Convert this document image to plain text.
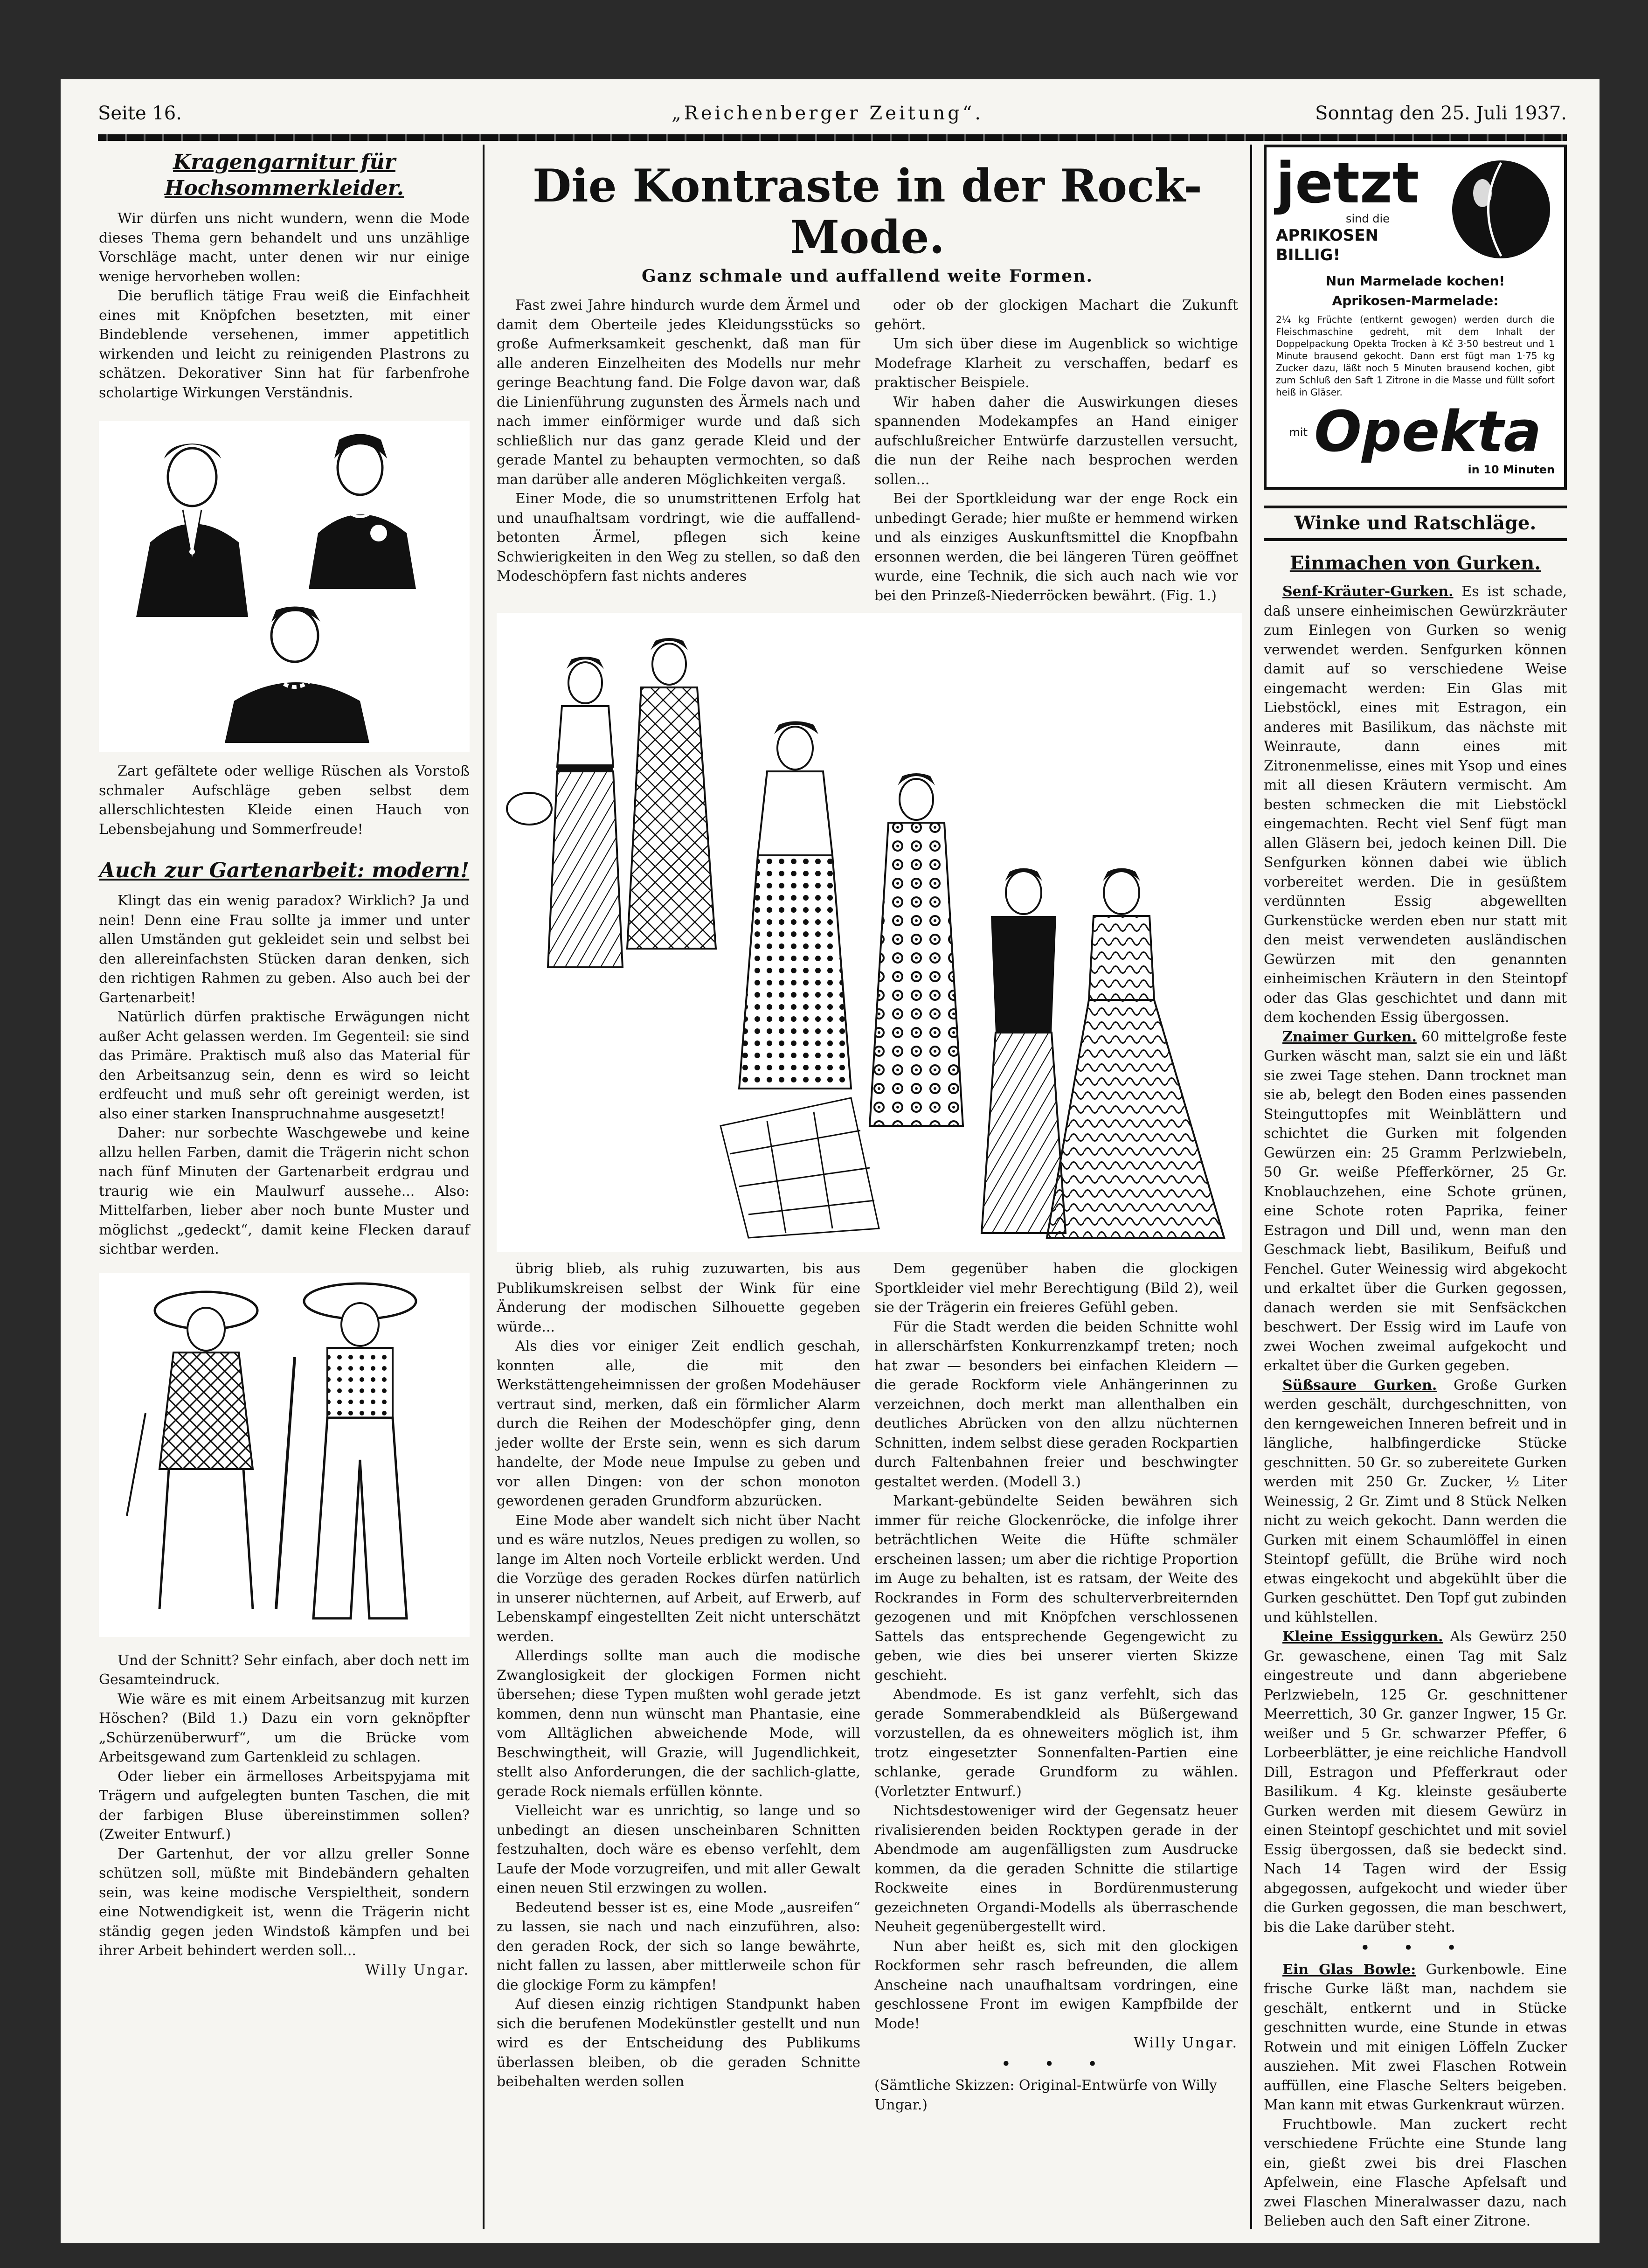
Seite 16.	„Reichenberger Zeitung“.	Sonntag den 25. Juli 1937.
Kragengarnitur für Hochsommerkleider.

Wir dürfen uns nicht wundern, wenn die Mode dieses Thema gern behandelt und uns unzählige Vorschläge macht, unter denen wir nur einige wenige hervorheben wollen:

Die beruflich tätige Frau weiß die Einfachheit eines mit Knöpfchen besetzten, mit einer Bindeblende versehenen, immer appetitlich wirkenden und leicht zu reinigenden Plastrons zu schätzen. Dekorativer Sinn hat für farbenfrohe scholartige Wirkungen Verständnis.

Zart gefältete oder wellige Rüschen als Vorstoß schmaler Aufschläge geben selbst dem allerschlichtesten Kleide einen Hauch von Lebensbejahung und Sommerfreude!

Auch zur Gartenarbeit: modern!

Klingt das ein wenig paradox? Wirklich? Ja und nein! Denn eine Frau sollte ja immer und unter allen Umständen gut gekleidet sein und selbst bei den allereinfachsten Stücken daran denken, sich den richtigen Rahmen zu geben. Also auch bei der Gartenarbeit!

Natürlich dürfen praktische Erwägungen nicht außer Acht gelassen werden. Im Gegenteil: sie sind das Primäre. Praktisch muß also das Material für den Arbeitsanzug sein, denn es wird so leicht erdfeucht und muß sehr oft gereinigt werden, ist also einer starken Inanspruchnahme ausgesetzt!

Daher: nur sorbechte Waschgewebe und keine allzu hellen Farben, damit die Trägerin nicht schon nach fünf Minuten der Gartenarbeit erdgrau und traurig wie ein Maulwurf aussehe... Also: Mittelfarben, lieber aber noch bunte Muster und möglichst „gedeckt“, damit keine Flecken darauf sichtbar werden.

Und der Schnitt? Sehr einfach, aber doch nett im Gesamteindruck.

Wie wäre es mit einem Arbeitsanzug mit kurzen Höschen? (Bild 1.) Dazu ein vorn geknöpfter „Schürzenüberwurf“, um die Brücke vom Arbeitsgewand zum Gartenkleid zu schlagen.

Oder lieber ein ärmelloses Arbeitspyjama mit Trägern und aufgelegten bunten Taschen, die mit der farbigen Bluse übereinstimmen sollen? (Zweiter Entwurf.)

Der Gartenhut, der vor allzu greller Sonne schützen soll, müßte mit Bindebändern gehalten sein, was keine modische Verspieltheit, sondern eine Notwendigkeit ist, wenn die Trägerin nicht ständig gegen jeden Windstoß kämpfen und bei ihrer Arbeit behindert werden soll...

Willy Ungar.
Die Kontraste in der Rock-Mode.
Ganz schmale und auffallend weite Formen.

Fast zwei Jahre hindurch wurde dem Ärmel und damit dem Oberteile jedes Kleidungsstücks so große Aufmerksamkeit geschenkt, daß man für alle anderen Einzelheiten des Modells nur mehr geringe Beachtung fand. Die Folge davon war, daß die Linienführung zugunsten des Ärmels nach und nach immer einförmiger wurde und daß sich schließlich nur das ganz gerade Kleid und der gerade Mantel zu behaupten vermochten, so daß man darüber alle anderen Möglichkeiten vergaß.

Einer Mode, die so unumstrittenen Erfolg hat und unaufhaltsam vordringt, wie die auffallend-betonten Ärmel, pflegen sich keine Schwierigkeiten in den Weg zu stellen, so daß den Modeschöpfern fast nichts anderes

oder ob der glockigen Machart die Zukunft gehört.

Um sich über diese im Augenblick so wichtige Modefrage Klarheit zu verschaffen, bedarf es praktischer Beispiele.

Wir haben daher die Auswirkungen dieses spannenden Modekampfes an Hand einiger aufschlußreicher Entwürfe darzustellen versucht, die nun der Reihe nach besprochen werden sollen...

Bei der Sportkleidung war der enge Rock ein unbedingt Gerade; hier mußte er hemmend wirken und als einziges Auskunftsmittel die Knopfbahn ersonnen werden, die bei längeren Türen geöffnet wurde, eine Technik, die sich auch nach wie vor bei den Prinzeß-Niederröcken bewährt. (Fig. 1.)

übrig blieb, als ruhig zuzuwarten, bis aus Publikumskreisen selbst der Wink für eine Änderung der modischen Silhouette gegeben würde...

Als dies vor einiger Zeit endlich geschah, konnten alle, die mit den Werkstättengeheimnissen der großen Modehäuser vertraut sind, merken, daß ein förmlicher Alarm durch die Reihen der Modeschöpfer ging, denn jeder wollte der Erste sein, wenn es sich darum handelte, der Mode neue Impulse zu geben und vor allen Dingen: von der schon monoton gewordenen geraden Grundform abzurücken.

Eine Mode aber wandelt sich nicht über Nacht und es wäre nutzlos, Neues predigen zu wollen, so lange im Alten noch Vorteile erblickt werden. Und die Vorzüge des geraden Rockes dürfen natürlich in unserer nüchternen, auf Arbeit, auf Erwerb, auf Lebenskampf eingestellten Zeit nicht unterschätzt werden.

Allerdings sollte man auch die modische Zwanglosigkeit der glockigen Formen nicht übersehen; diese Typen mußten wohl gerade jetzt kommen, denn nun wünscht man Phantasie, eine vom Alltäglichen abweichende Mode, will Beschwingtheit, will Grazie, will Jugendlichkeit, stellt also Anforderungen, die der sachlich-glatte, gerade Rock niemals erfüllen könnte.

Vielleicht war es unrichtig, so lange und so unbedingt an diesen unscheinbaren Schnitten festzuhalten, doch wäre es ebenso verfehlt, dem Laufe der Mode vorzugreifen, und mit aller Gewalt einen neuen Stil erzwingen zu wollen.

Bedeutend besser ist es, eine Mode „ausreifen“ zu lassen, sie nach und nach einzuführen, also: den geraden Rock, der sich so lange bewährte, nicht fallen zu lassen, aber mittlerweile schon für die glockige Form zu kämpfen!

Auf diesen einzig richtigen Standpunkt haben sich die berufenen Modekünstler gestellt und nun wird es der Entscheidung des Publikums überlassen bleiben, ob die geraden Schnitte beibehalten werden sollen

Dem gegenüber haben die glockigen Sportkleider viel mehr Berechtigung (Bild 2), weil sie der Trägerin ein freieres Gefühl geben.

Für die Stadt werden die beiden Schnitte wohl in allerschärfsten Konkurrenzkampf treten; noch hat zwar — besonders bei einfachen Kleidern — die gerade Rockform viele Anhängerinnen zu verzeichnen, doch merkt man allenthalben ein deutliches Abrücken von den allzu nüchternen Schnitten, indem selbst diese geraden Rockpartien durch Faltenbahnen freier und beschwingter gestaltet werden. (Modell 3.)

Markant-gebündelte Seiden bewähren sich immer für reiche Glockenröcke, die infolge ihrer beträchtlichen Weite die Hüfte schmäler erscheinen lassen; um aber die richtige Proportion im Auge zu behalten, ist es ratsam, der Weite des Rockrandes in Form des schulterverbreiternden gezogenen und mit Knöpfchen verschlossenen Sattels das entsprechende Gegengewicht zu geben, wie dies bei unserer vierten Skizze geschieht.

Abendmode. Es ist ganz verfehlt, sich das gerade Sommerabendkleid als Büßergewand vorzustellen, da es ohneweiters möglich ist, ihm trotz eingesetzter Sonnenfalten-Partien eine schlanke, gerade Grundform zu wählen. (Vorletzter Entwurf.)

Nichtsdestoweniger wird der Gegensatz heuer rivalisierenden beiden Rocktypen gerade in der Abendmode am augenfälligsten zum Ausdrucke kommen, da die geraden Schnitte die stilartige Rockweite eines in Bordürenmusterung gezeichneten Organdi-Modells als überraschende Neuheit gegenübergestellt wird.

Nun aber heißt es, sich mit den glockigen Rockformen sehr rasch befreunden, die allem Anscheine nach unaufhaltsam vordringen, eine geschlossene Front im ewigen Kampfbilde der Mode!

Willy Ungar.
• • •
(Sämtliche Skizzen: Original-Entwürfe von Willy Ungar.)
jetzt
sind die
APRIKOSEN
BILLIG!
Nun Marmelade kochen!
Aprikosen-Marmelade:
2¼ kg Früchte (entkernt gewogen) werden durch die Fleischmaschine gedreht, mit dem Inhalt der Doppelpackung Opekta Trocken à Kč 3·50 bestreut und 1 Minute brausend gekocht. Dann erst fügt man 1·75 kg Zucker dazu, läßt noch 5 Minuten brausend kochen, gibt zum Schluß den Saft 1 Zitrone in die Masse und füllt sofort heiß in Gläser.
mit Opekta
in 10 Minuten
Winke und Ratschläge.
Einmachen von Gurken.

Senf-Kräuter-Gurken. Es ist schade, daß unsere einheimischen Gewürzkräuter zum Einlegen von Gurken so wenig verwendet werden. Senfgurken können damit auf so verschiedene Weise eingemacht werden: Ein Glas mit Liebstöckl, eines mit Estragon, ein anderes mit Basilikum, das nächste mit Weinraute, dann eines mit Zitronenmelisse, eines mit Ysop und eines mit all diesen Kräutern vermischt. Am besten schmecken die mit Liebstöckl eingemachten. Recht viel Senf fügt man allen Gläsern bei, jedoch keinen Dill. Die Senfgurken können dabei wie üblich vorbereitet werden. Die in gesüßtem verdünnten Essig abgewellten Gurkenstücke werden eben nur statt mit den meist verwendeten ausländischen Gewürzen mit den genannten einheimischen Kräutern in den Steintopf oder das Glas geschichtet und dann mit dem kochenden Essig übergossen.

Znaimer Gurken. 60 mittelgroße feste Gurken wäscht man, salzt sie ein und läßt sie zwei Tage stehen. Dann trocknet man sie ab, belegt den Boden eines passenden Steinguttopfes mit Weinblättern und schichtet die Gurken mit folgenden Gewürzen ein: 25 Gramm Perlzwiebeln, 50 Gr. weiße Pfefferkörner, 25 Gr. Knoblauchzehen, eine Schote grünen, eine Schote roten Paprika, feiner Estragon und Dill und, wenn man den Geschmack liebt, Basilikum, Beifuß und Fenchel. Guter Weinessig wird abgekocht und erkaltet über die Gurken gegossen, danach werden sie mit Senfsäckchen beschwert. Der Essig wird im Laufe von zwei Wochen zweimal aufgekocht und erkaltet über die Gurken gegeben.

Süßsaure Gurken. Große Gurken werden geschält, durchgeschnitten, von den kerngeweichen Inneren befreit und in längliche, halbfingerdicke Stücke geschnitten. 50 Gr. so zubereitete Gurken werden mit 250 Gr. Zucker, ½ Liter Weinessig, 2 Gr. Zimt und 8 Stück Nelken nicht zu weich gekocht. Dann werden die Gurken mit einem Schaumlöffel in einen Steintopf gefüllt, die Brühe wird noch etwas eingekocht und abgekühlt über die Gurken geschüttet. Den Topf gut zubinden und kühlstellen.

Kleine Essiggurken. Als Gewürz 250 Gr. gewaschene, einen Tag mit Salz eingestreute und dann abgeriebene Perlzwiebeln, 125 Gr. geschnittener Meerrettich, 30 Gr. ganzer Ingwer, 15 Gr. weißer und 5 Gr. schwarzer Pfeffer, 6 Lorbeerblätter, je eine reichliche Handvoll Dill, Estragon und Pfefferkraut oder Basilikum. 4 Kg. kleinste gesäuberte Gurken werden mit diesem Gewürz in einen Steintopf geschichtet und mit soviel Essig übergossen, daß sie bedeckt sind. Nach 14 Tagen wird der Essig abgegossen, aufgekocht und wieder über die Gurken gegossen, die man beschwert, bis die Lake darüber steht.

• • •

Ein Glas Bowle: Gurkenbowle. Eine frische Gurke läßt man, nachdem sie geschält, entkernt und in Stücke geschnitten wurde, eine Stunde in etwas Rotwein und mit einigen Löffeln Zucker ausziehen. Mit zwei Flaschen Rotwein auffüllen, eine Flasche Selters beigeben. Man kann mit etwas Gurkenkraut würzen.

Fruchtbowle. Man zuckert recht verschiedene Früchte eine Stunde lang ein, gießt zwei bis drei Flaschen Apfelwein, eine Flasche Apfelsaft und zwei Flaschen Mineralwasser dazu, nach Belieben auch den Saft einer Zitrone.
